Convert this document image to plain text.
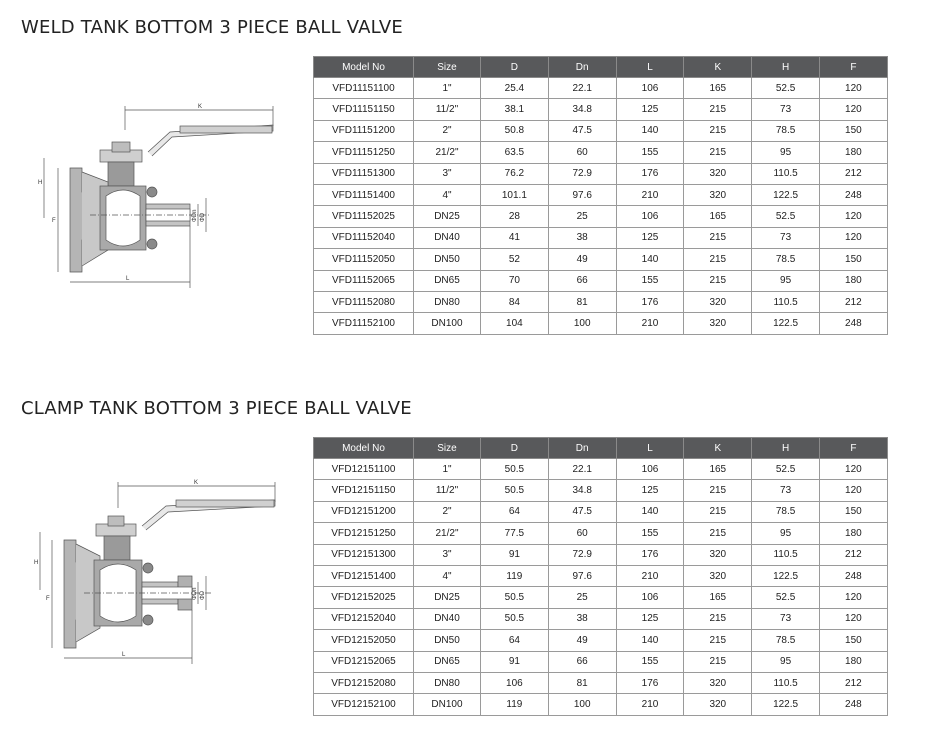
WELD TANK BOTTOM 3 PIECE BALL VALVE
CLAMP TANK BOTTOM 3 PIECE BALL VALVE
K
H
F
L
ΦDn ΦD
K
H
F
L
ΦDn ΦD
Model No	Size	D	Dn	L	K	H	F
VFD11151100	1"	25.4	22.1	106	165	52.5	120
VFD11151150	11/2"	38.1	34.8	125	215	73	120
VFD11151200	2"	50.8	47.5	140	215	78.5	150
VFD11151250	21/2"	63.5	60	155	215	95	180
VFD11151300	3"	76.2	72.9	176	320	110.5	212
VFD11151400	4"	101.1	97.6	210	320	122.5	248
VFD11152025	DN25	28	25	106	165	52.5	120
VFD11152040	DN40	41	38	125	215	73	120
VFD11152050	DN50	52	49	140	215	78.5	150
VFD11152065	DN65	70	66	155	215	95	180
VFD11152080	DN80	84	81	176	320	110.5	212
VFD11152100	DN100	104	100	210	320	122.5	248
Model No	Size	D	Dn	L	K	H	F
VFD12151100	1"	50.5	22.1	106	165	52.5	120
VFD12151150	11/2"	50.5	34.8	125	215	73	120
VFD12151200	2"	64	47.5	140	215	78.5	150
VFD12151250	21/2"	77.5	60	155	215	95	180
VFD12151300	3"	91	72.9	176	320	110.5	212
VFD12151400	4"	119	97.6	210	320	122.5	248
VFD12152025	DN25	50.5	25	106	165	52.5	120
VFD12152040	DN40	50.5	38	125	215	73	120
VFD12152050	DN50	64	49	140	215	78.5	150
VFD12152065	DN65	91	66	155	215	95	180
VFD12152080	DN80	106	81	176	320	110.5	212
VFD12152100	DN100	119	100	210	320	122.5	248
